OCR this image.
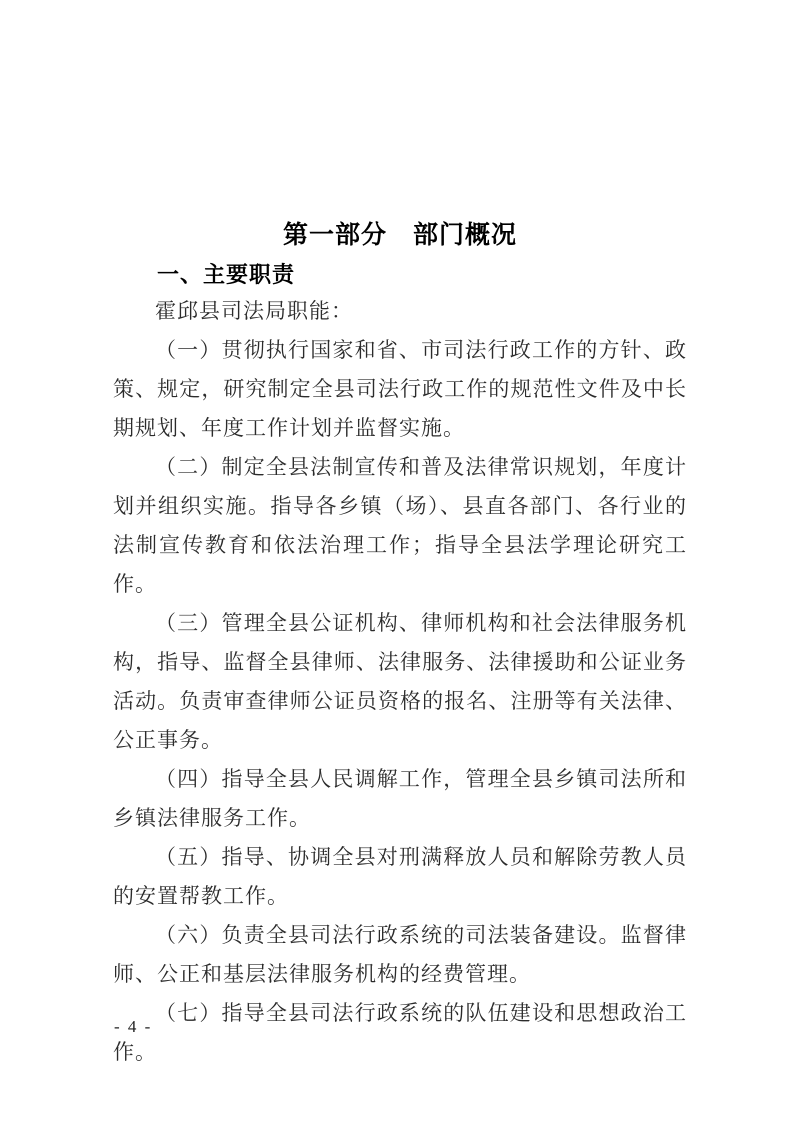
第一部分　部门概况
一、主要职责

霍邱县司法局职能：

（一）贯彻执行国家和省、市司法行政工作的方针、政策、规定，研究制定全县司法行政工作的规范性文件及中长期规划、年度工作计划并监督实施。

（二）制定全县法制宣传和普及法律常识规划，年度计划并组织实施。指导各乡镇（场）、县直各部门、各行业的法制宣传教育和依法治理工作；指导全县法学理论研究工作。

（三）管理全县公证机构、律师机构和社会法律服务机构，指导、监督全县律师、法律服务、法律援助和公证业务活动。负责审查律师公证员资格的报名、注册等有关法律、公正事务。

（四）指导全县人民调解工作，管理全县乡镇司法所和乡镇法律服务工作。

（五）指导、协调全县对刑满释放人员和解除劳教人员的安置帮教工作。

（六）负责全县司法行政系统的司法装备建设。监督律师、公正和基层法律服务机构的经费管理。

（七）指导全县司法行政系统的队伍建设和思想政治工作。

- 4 -
